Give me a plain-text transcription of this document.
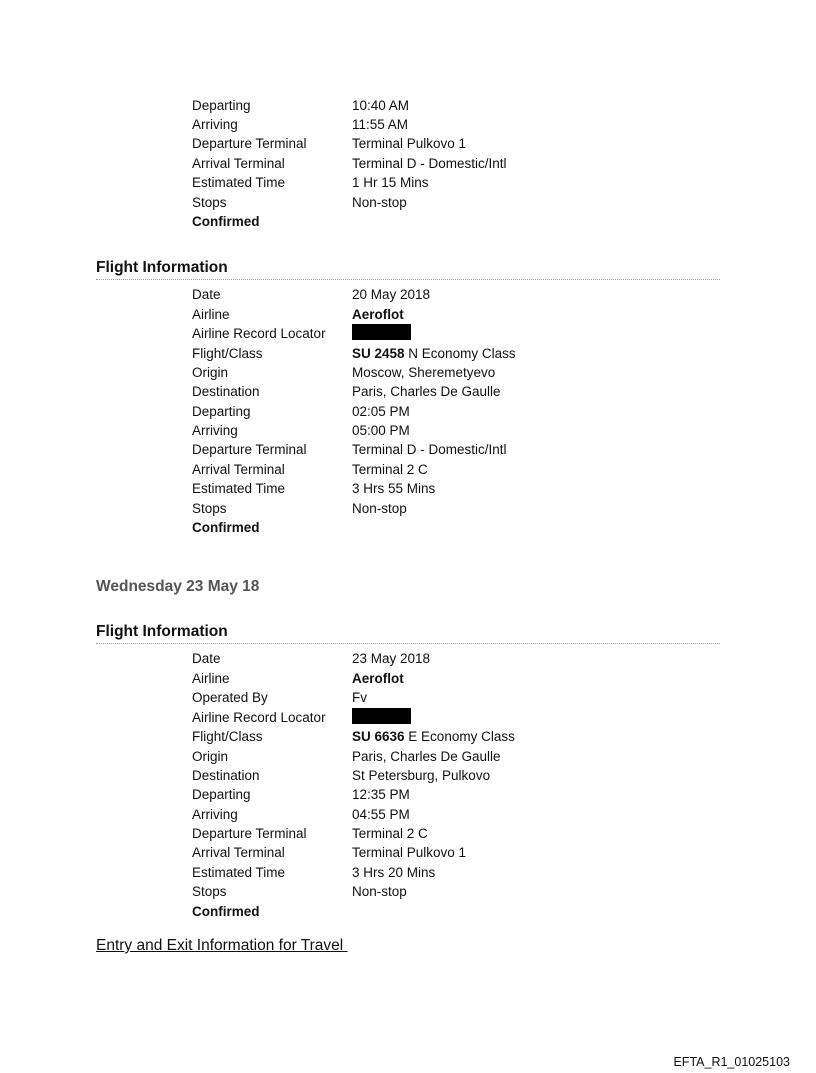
Departing	10:40 AM
Arriving	11:55 AM
Departure Terminal	Terminal Pulkovo 1
Arrival Terminal	Terminal D - Domestic/Intl
Estimated Time	1 Hr 15 Mins
Stops	Non-stop
Confirmed
Flight Information
Date	20 May 2018
Airline	Aeroflot
Airline Record Locator
Flight/Class	SU 2458 N Economy Class
Origin	Moscow, Sheremetyevo
Destination	Paris, Charles De Gaulle
Departing	02:05 PM
Arriving	05:00 PM
Departure Terminal	Terminal D - Domestic/Intl
Arrival Terminal	Terminal 2 C
Estimated Time	3 Hrs 55 Mins
Stops	Non-stop
Confirmed
Wednesday 23 May 18
Flight Information
Date	23 May 2018
Airline	Aeroflot
Operated By	Fv
Airline Record Locator
Flight/Class	SU 6636 E Economy Class
Origin	Paris, Charles De Gaulle
Destination	St Petersburg, Pulkovo
Departing	12:35 PM
Arriving	04:55 PM
Departure Terminal	Terminal 2 C
Arrival Terminal	Terminal Pulkovo 1
Estimated Time	3 Hrs 20 Mins
Stops	Non-stop
Confirmed
Entry and Exit Information for Travel
EFTA_R1_01025103
